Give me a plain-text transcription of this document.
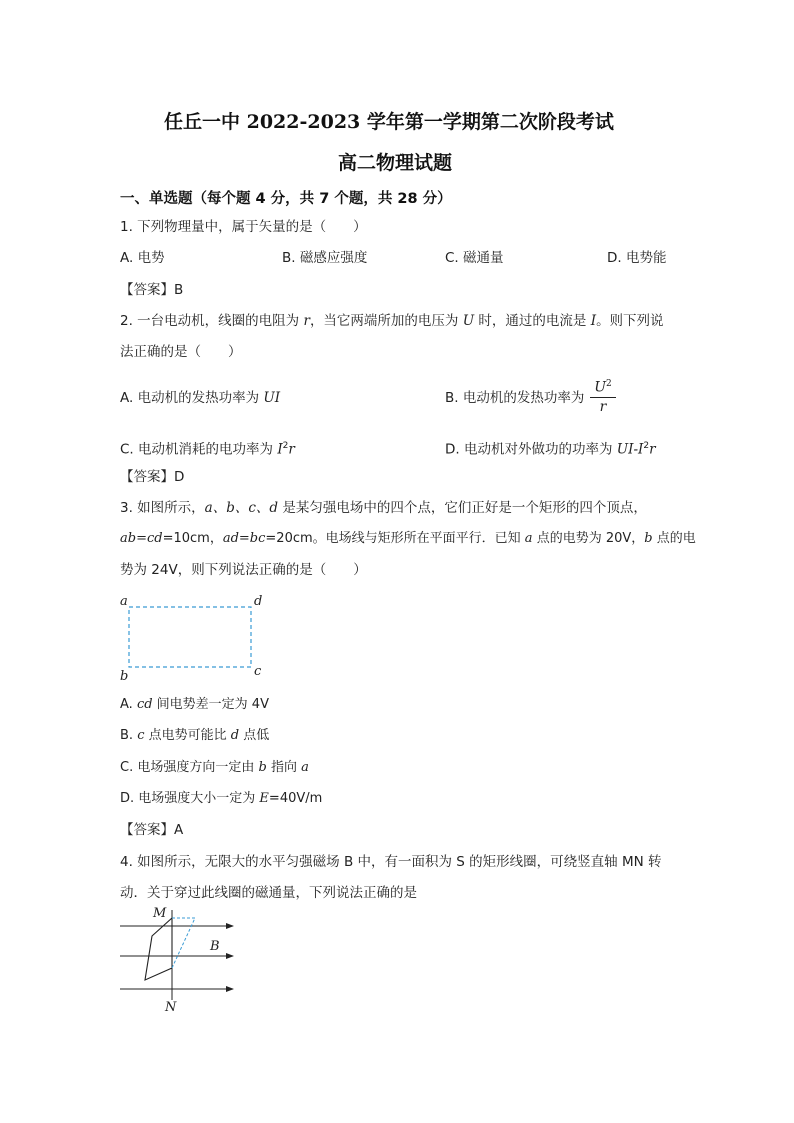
任丘一中 2022-2023 学年第一学期第二次阶段考试
高二物理试题
一、单选题（每个题 4 分，共 7 个题，共 28 分）
1. 下列物理量中，属于矢量的是（　　）
A. 电势	B. 磁感应强度	C. 磁通量	D. 电势能
【答案】B
2. 一台电动机，线圈的电阻为 r，当它两端所加的电压为 U 时，通过的电流是 I。则下列说
法正确的是（　　）
A. 电动机的发热功率为 UI	B. 电动机的发热功率为
$U^2$
r
C. 电动机消耗的电功率为 $I^2r$	D. 电动机对外做功的功率为 $UI-I^2r$
【答案】D
3. 如图所示，a、b、c、d 是某匀强电场中的四个点，它们正好是一个矩形的四个顶点，
ab=cd=10cm，ad=bc=20cm。电场线与矩形所在平面平行．已知 a 点的电势为 20V，b 点的电
势为 24V，则下列说法正确的是（　　）
a	d
b	c
A. cd 间电势差一定为 4V
B. c 点电势可能比 d 点低
C. 电场强度方向一定由 b 指向 a
D. 电场强度大小一定为 E=40V/m
【答案】A
4. 如图所示，无限大的水平匀强磁场 B 中，有一面积为 S 的矩形线圈，可绕竖直轴 MN 转
动．关于穿过此线圈的磁通量，下列说法正确的是
M
B
N
